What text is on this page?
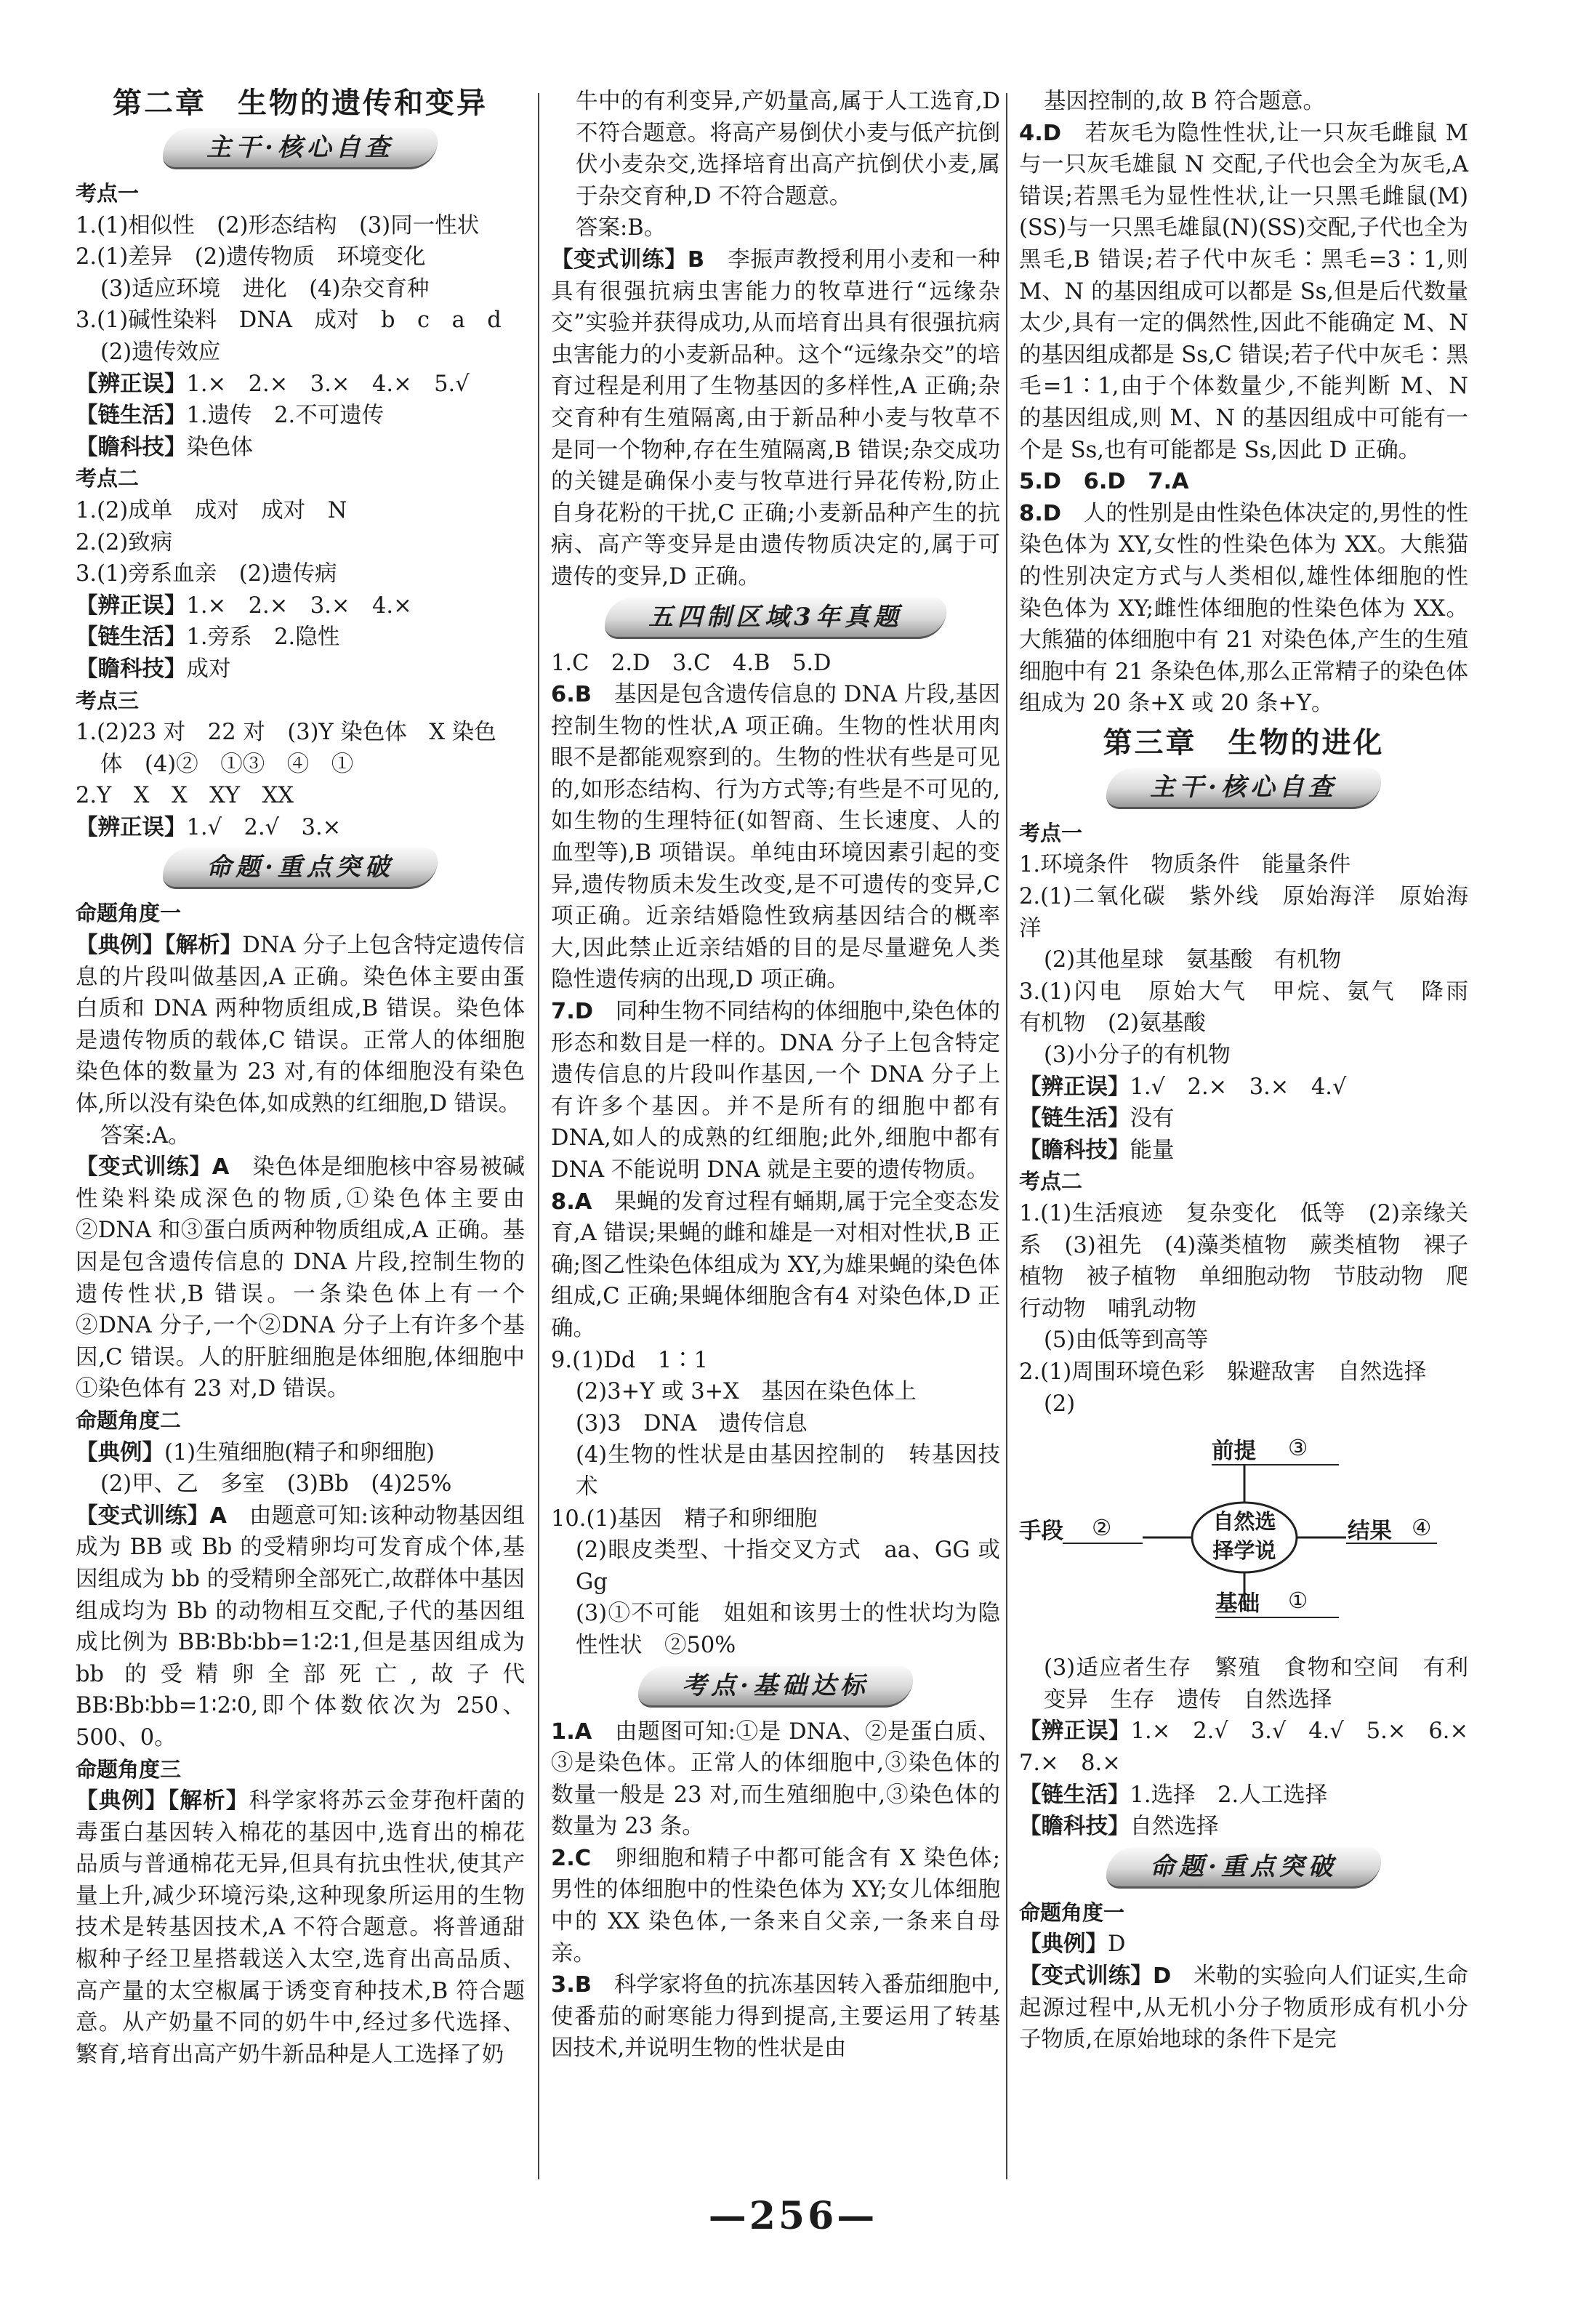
第二章　生物的遗传和变异
主干·核心自查

考点一

1.(1)相似性　(2)形态结构　(3)同一性状

2.(1)差异　(2)遗传物质　环境变化

(3)适应环境　进化　(4)杂交育种

3.(1)碱性染料　DNA　成对　b　c　a　d

(2)遗传效应

【辨正误】1.×　2.×　3.×　4.×　5.√

【链生活】1.遗传　2.不可遗传

【瞻科技】染色体

考点二

1.(2)成单　成对　成对　N

2.(2)致病

3.(1)旁系血亲　(2)遗传病

【辨正误】1.×　2.×　3.×　4.×

【链生活】1.旁系　2.隐性

【瞻科技】成对

考点三

1.(2)23 对　22 对　(3)Y 染色体　X 染色

体　(4)②　①③　④　①

2.Y　X　X　XY　XX

【辨正误】1.√　2.√　3.×

命题·重点突破

命题角度一

【典例】【解析】DNA 分子上包含特定遗传信息的片段叫做基因,A 正确。染色体主要由蛋白质和 DNA 两种物质组成,B 错误。染色体是遗传物质的载体,C 错误。正常人的体细胞染色体的数量为 23 对,有的体细胞没有染色体,所以没有染色体,如成熟的红细胞,D 错误。

答案:A。

【变式训练】A　 染色体是细胞核中容易被碱性染料染成深色的物质,①染色体主要由②DNA 和③蛋白质两种物质组成,A 正确。基因是包含遗传信息的 DNA 片段,控制生物的遗传性状,B 错误。一条染色体上有一个②DNA 分子,一个②DNA 分子上有许多个基因,C 错误。人的肝脏细胞是体细胞,体细胞中①染色体有 23 对,D 错误。

命题角度二

【典例】(1)生殖细胞(精子和卵细胞)

(2)甲、乙　多室　(3)Bb　(4)25%

【变式训练】A　 由题意可知:该种动物基因组成为 BB 或 Bb 的受精卵均可发育成个体,基因组成为 bb 的受精卵全部死亡,故群体中基因组成均为 Bb 的动物相互交配,子代的基因组成比例为 BB∶Bb∶bb=1∶2∶1,但是基因组成为 bb 的受精卵全部死亡,故子代 BB∶Bb∶bb=1∶2∶0,即个体数依次为 250、500、0。

命题角度三

【典例】【解析】科学家将苏云金芽孢杆菌的毒蛋白基因转入棉花的基因中,选育出的棉花品质与普通棉花无异,但具有抗虫性状,使其产量上升,减少环境污染,这种现象所运用的生物技术是转基因技术,A 不符合题意。将普通甜椒种子经卫星搭载送入太空,选育出高品质、高产量的太空椒属于诱变育种技术,B 符合题意。从产奶量不同的奶牛中,经过多代选择、繁育,培育出高产奶牛新品种是人工选择了奶

牛中的有利变异,产奶量高,属于人工选育,D 不符合题意。将高产易倒伏小麦与低产抗倒伏小麦杂交,选择培育出高产抗倒伏小麦,属于杂交育种,D 不符合题意。

答案:B。

【变式训练】B　 李振声教授利用小麦和一种具有很强抗病虫害能力的牧草进行“远缘杂交”实验并获得成功,从而培育出具有很强抗病虫害能力的小麦新品种。这个“远缘杂交”的培育过程是利用了生物基因的多样性,A 正确;杂交育种有生殖隔离,由于新品种小麦与牧草不是同一个物种,存在生殖隔离,B 错误;杂交成功的关键是确保小麦与牧草进行异花传粉,防止自身花粉的干扰,C 正确;小麦新品种产生的抗病、高产等变异是由遗传物质决定的,属于可遗传的变异,D 正确。

五四制区域3年真题

1.C　2.D　3.C　4.B　5.D

6.B　 基因是包含遗传信息的 DNA 片段,基因控制生物的性状,A 项正确。生物的性状用肉眼不是都能观察到的。生物的性状有些是可见的,如形态结构、行为方式等;有些是不可见的,如生物的生理特征(如智商、生长速度、人的血型等),B 项错误。单纯由环境因素引起的变异,遗传物质未发生改变,是不可遗传的变异,C 项正确。近亲结婚隐性致病基因结合的概率大,因此禁止近亲结婚的目的是尽量避免人类隐性遗传病的出现,D 项正确。

7.D　 同种生物不同结构的体细胞中,染色体的形态和数目是一样的。DNA 分子上包含特定遗传信息的片段叫作基因,一个 DNA 分子上有许多个基因。并不是所有的细胞中都有 DNA,如人的成熟的红细胞;此外,细胞中都有 DNA 不能说明 DNA 就是主要的遗传物质。

8.A　 果蝇的发育过程有蛹期,属于完全变态发育,A 错误;果蝇的雌和雄是一对相对性状,B 正确;图乙性染色体组成为 XY,为雄果蝇的染色体组成,C 正确;果蝇体细胞含有4 对染色体,D 正确。

9.(1)Dd　1∶1

(2)3+Y 或 3+X　基因在染色体上

(3)3　DNA　遗传信息

(4)生物的性状是由基因控制的　转基因技术

10.(1)基因　精子和卵细胞

(2)眼皮类型、十指交叉方式　aa、GG 或 Gg

(3)①不可能　姐姐和该男士的性状均为隐性性状　②50%

考点·基础达标

1.A　 由题图可知:①是 DNA、②是蛋白质、③是染色体。正常人的体细胞中,③染色体的数量一般是 23 对,而生殖细胞中,③染色体的数量为 23 条。

2.C　 卵细胞和精子中都可能含有 X 染色体;男性的体细胞中的性染色体为 XY;女儿体细胞中的 XX 染色体,一条来自父亲,一条来自母亲。

3.B　 科学家将鱼的抗冻基因转入番茄细胞中,使番茄的耐寒能力得到提高,主要运用了转基因技术,并说明生物的性状是由

基因控制的,故 B 符合题意。

4.D　 若灰毛为隐性性状,让一只灰毛雌鼠 M 与一只灰毛雄鼠 N 交配,子代也会全为灰毛,A 错误;若黑毛为显性性状,让一只黑毛雌鼠(M)(SS)与一只黑毛雄鼠(N)(SS)交配,子代也全为黑毛,B 错误;若子代中灰毛∶黑毛=3∶1,则 M、N 的基因组成可以都是 Ss,但是后代数量太少,具有一定的偶然性,因此不能确定 M、N 的基因组成都是 Ss,C 错误;若子代中灰毛∶黑毛=1∶1,由于个体数量少,不能判断 M、N 的基因组成,则 M、N 的基因组成中可能有一个是 Ss,也有可能都是 Ss,因此 D 正确。

5.D　6.D　7.A

8.D　 人的性别是由性染色体决定的,男性的性染色体为 XY,女性的性染色体为 XX。大熊猫的性别决定方式与人类相似,雄性体细胞的性染色体为 XY;雌性体细胞的性染色体为 XX。大熊猫的体细胞中有 21 对染色体,产生的生殖细胞中有 21 条染色体,那么正常精子的染色体组成为 20 条+X 或 20 条+Y。

第三章　生物的进化
主干·核心自查

考点一

1.环境条件　物质条件　能量条件

2.(1)二氧化碳　紫外线　原始海洋　原始海洋

(2)其他星球　氨基酸　有机物

3.(1)闪电　原始大气　甲烷、氨气　降雨　有机物　(2)氨基酸

(3)小分子的有机物

【辨正误】1.√　2.×　3.×　4.√

【链生活】没有

【瞻科技】能量

考点二

1.(1)生活痕迹　复杂变化　低等　(2)亲缘关系　(3)祖先　(4)藻类植物　蕨类植物　裸子植物　被子植物　单细胞动物　节肢动物　爬行动物　哺乳动物

(5)由低等到高等

2.(1)周围环境色彩　躲避敌害　自然选择

(2)

自然选择学说
前提 ③
手段 ②	结果 ④
基础 ①

(3)适应者生存　繁殖　食物和空间　有利变异　生存　遗传　自然选择

【辨正误】1.×　2.√　3.√　4.√　5.×　6.×　7.×　8.×

【链生活】1.选择　2.人工选择

【瞻科技】自然选择

命题·重点突破

命题角度一

【典例】D

【变式训练】D　 米勒的实验向人们证实,生命起源过程中,从无机小分子物质形成有机小分子物质,在原始地球的条件下是完

—256—
